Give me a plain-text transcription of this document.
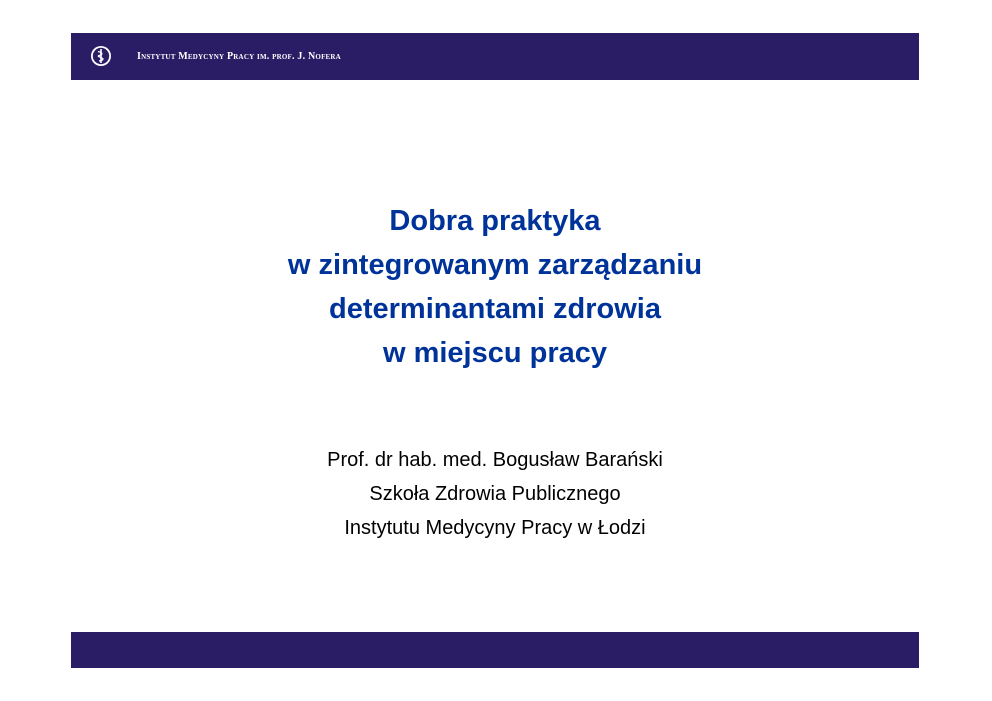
Instytut Medycyny Pracy im. prof. J. Nofera
Dobra praktyka
w zintegrowanym zarządzaniu
determinantami zdrowia
w miejscu pracy
Prof. dr hab. med. Bogusław Barański
Szkoła Zdrowia Publicznego
Instytutu Medycyny Pracy w Łodzi
